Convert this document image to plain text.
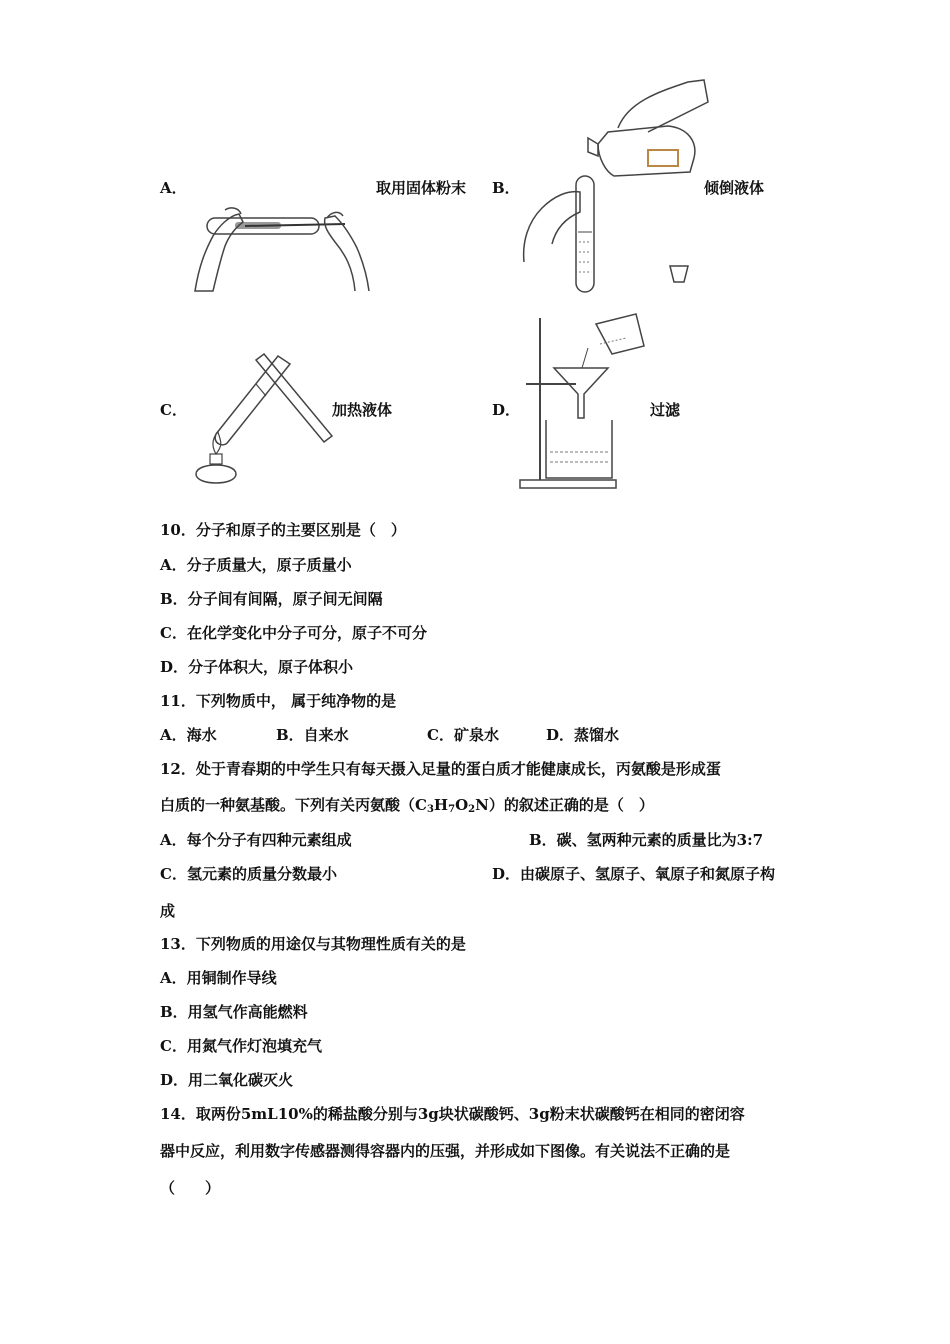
A．	取用固体粉末 B．	倾倒液体
C．	加热液体	D．	过滤
10．分子和原子的主要区别是（　）
A．分子质量大，原子质量小
B．分子间有间隔，原子间无间隔
C．在化学变化中分子可分，原子不可分
D．分子体积大，原子体积小
11．下列物质中， 属于纯净物的是
A．海水	B．自来水	C．矿泉水	D．蒸馏水
12．处于青春期的中学生只有每天摄入足量的蛋白质才能健康成长，丙氨酸是形成蛋
白质的一种氨基酸。下列有关丙氨酸$(C_3H_7O_2N)$的叙述正确的是（　）
A．每个分子有四种元素组成	B．碳、氢两种元素的质量比为3:7
C．氢元素的质量分数最小	D．由碳原子、氢原子、氧原子和氮原子构
成
13．下列物质的用途仅与其物理性质有关的是
A．用铜制作导线
B．用氢气作高能燃料
C．用氮气作灯泡填充气
D．用二氧化碳灭火
14．取两份5mL10%的稀盐酸分别与3g块状碳酸钙、3g粉末状碳酸钙在相同的密闭容
器中反应，利用数字传感器测得容器内的压强，并形成如下图像。有关说法不正确的是
（　　）
